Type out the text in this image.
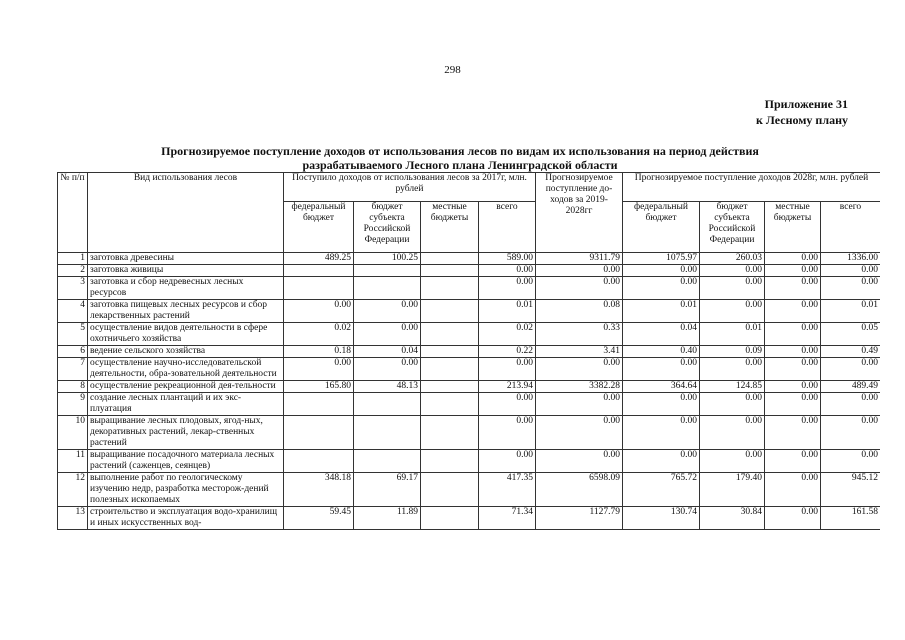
298
Приложение 31
к Лесному плану
Прогнозируемое поступление доходов от использования лесов по видам их использования на период действия
разрабатываемого Лесного плана Ленинградской области
№ п/п	Вид использования лесов	Поступило доходов от использования лесов за 2017г, млн. рублей				Прогнозируемое поступление до-ходов за 2019-2028гг	Прогнозируемое поступление доходов 2028г, млн. рублей			
		федеральный бюджет	бюджет субъекта Российской Федерации	местные бюджеты	всего		федеральный бюджет	бюджет субъекта Российской Федерации	местные бюджеты	всего
1	заготовка древесины	489.25	100.25		589.00	9311.79	1075.97	260.03	0.00	1336.00
2	заготовка живицы				0.00	0.00	0.00	0.00	0.00	0.00
3	заготовка и сбор недревесных лесных ресурсов				0.00	0.00	0.00	0.00	0.00	0.00
4	заготовка пищевых лесных ресурсов и сбор лекарственных растений	0.00	0.00		0.01	0.08	0.01	0.00	0.00	0.01
5	осуществление видов деятельности в сфере охотничьего хозяйства	0.02	0.00		0.02	0.33	0.04	0.01	0.00	0.05
6	ведение сельского хозяйства	0.18	0.04		0.22	3.41	0.40	0.09	0.00	0.49
7	осуществление научно-исследовательской деятельности, обра-зовательной деятельности	0.00	0.00		0.00	0.00	0.00	0.00	0.00	0.00
8	осуществление рекреационной дея-тельности	165.80	48.13		213.94	3382.28	364.64	124.85	0.00	489.49
9	создание лесных плантаций и их экс-плуатация				0.00	0.00	0.00	0.00	0.00	0.00
10	выращивание лесных плодовых, ягод-ных, декоративных растений, лекар-ственных растений				0.00	0.00	0.00	0.00	0.00	0.00
11	выращивание посадочного материала лесных растений (саженцев, сеянцев)				0.00	0.00	0.00	0.00	0.00	0.00
12	выполнение работ по геологическому изучению недр, разработка месторож-дений полезных ископаемых	348.18	69.17		417.35	6598.09	765.72	179.40	0.00	945.12
13	строительство и эксплуатация водо-хранилищ и иных искусственных вод-	59.45	11.89		71.34	1127.79	130.74	30.84	0.00	161.58
